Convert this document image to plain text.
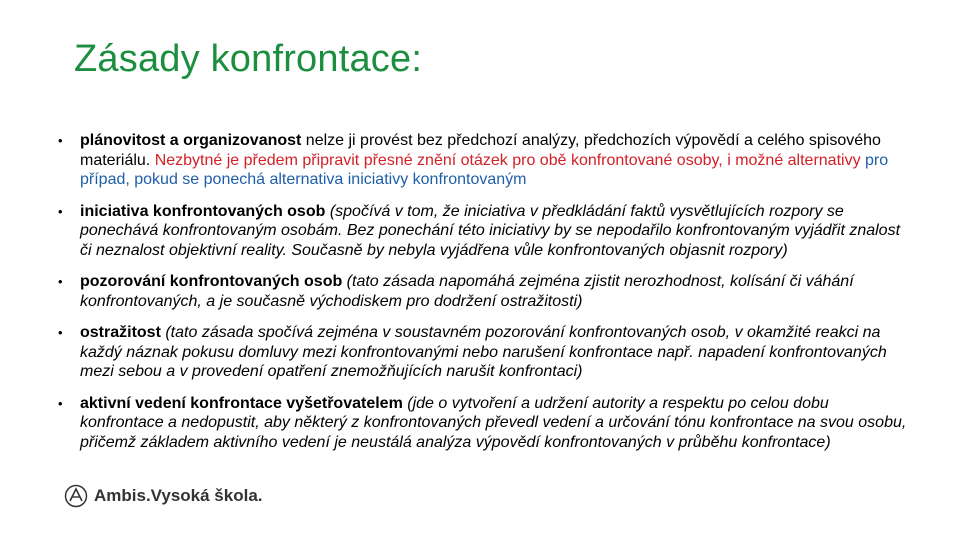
Zásady konfrontace:
• plánovitost a organizovanost nelze ji provést bez předchozí analýzy, předchozích výpovědí a celého spisového materiálu. Nezbytné je předem připravit přesné znění otázek pro obě konfrontované osoby, i možné alternativy pro případ, pokud se ponechá alternativa iniciativy konfrontovaným
• iniciativa konfrontovaných osob (spočívá v tom, že iniciativa v předkládání faktů vysvětlujících rozpory se ponechává konfrontovaným osobám. Bez ponechání této iniciativy by se nepodařilo konfrontovaným vyjádřit znalost či neznalost objektivní reality. Současně by nebyla vyjádřena vůle konfrontovaných objasnit rozpory)
• pozorování konfrontovaných osob (tato zásada napomáhá zejména zjistit nerozhodnost, kolísání či váhání konfrontovaných, a je současně východiskem pro dodržení ostražitosti)
• ostražitost (tato zásada spočívá zejména v soustavném pozorování konfrontovaných osob, v okamžité reakci na každý náznak pokusu domluvy mezi konfrontovanými nebo narušení konfrontace např. napadení konfrontovaných mezi sebou a v provedení opatření znemožňujících narušit konfrontaci)
• aktivní vedení konfrontace vyšetřovatelem (jde o vytvoření a udržení autority a respektu po celou dobu konfrontace a nedopustit, aby některý z konfrontovaných převedl vedení a určování tónu konfrontace na svou osobu, přičemž základem aktivního vedení je neustálá analýza výpovědí konfrontovaných v průběhu konfrontace)
Ambis.Vysoká škola.
